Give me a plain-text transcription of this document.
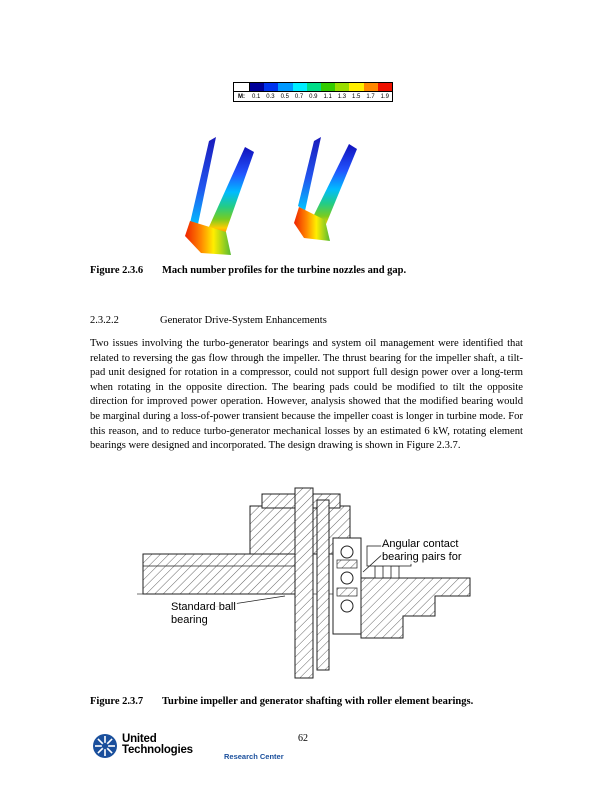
M:	0.1 0.3 0.5 0.7 0.9 1.1 1.3 1.5 1.7 1.9
Figure 2.3.6 Mach number profiles for the turbine nozzles and gap.
2.3.2.2	Generator Drive-System Enhancements
Two issues involving the turbo-generator bearings and system oil management were identified that related to reversing the gas flow through the impeller. The thrust bearing for the impeller shaft, a tilt-pad unit designed for rotation in a compressor, could not support full design power over a long-term when rotating in the opposite direction. The bearing pads could be modified to tilt the opposite direction for improved power operation. However, analysis showed that the modified bearing would be marginal during a loss-of-power transient because the impeller coast is longer in turbine mode. For this reason, and to reduce turbo-generator mechanical losses by an estimated 6 kW, rotating element bearings were designed and incorporated. The design drawing is shown in Figure 2.3.7.
Angular contact
bearing pairs for
Standard ball
bearing
Figure 2.3.7 Turbine impeller and generator shafting with roller element bearings.
United
Technologies
Research Center
62
